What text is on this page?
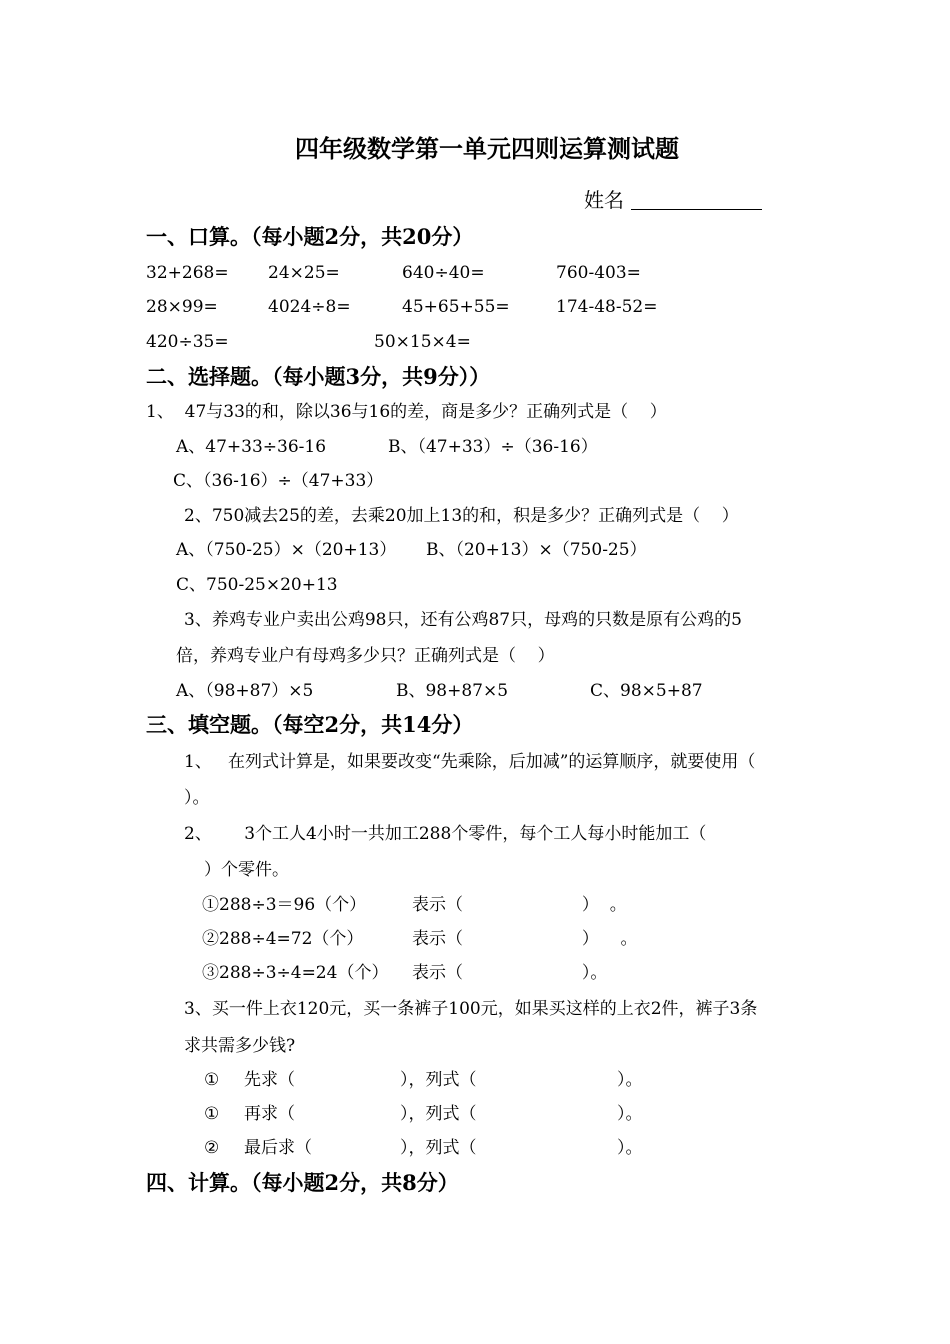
四年级数学第一单元四则运算测试题
姓名
一、口算。（每小题2分，共20分）
32+268= 24×25=	640÷40=	760-403=
28×99=	4024÷8=	45+65+55=	174-48-52=
420÷35=	50×15×4=
二、选择题。（每小题3分，共9分））
1、  47与33的和，除以36与16的差，商是多少？正确列式是（    ）
A、47+33÷36-16	B、（47+33）÷（36-16）
C、（36-16）÷（47+33）
2、750减去25的差，去乘20加上13的和，积是多少？正确列式是（    ）
A、（750-25）×（20+13） B、（20+13）×（750-25）
C、750-25×20+13
3、养鸡专业户卖出公鸡98只，还有公鸡87只，母鸡的只数是原有公鸡的5
倍，养鸡专业户有母鸡多少只？正确列式是（    ）
A、（98+87）×5	B、98+87×5	C、98×5+87
三、填空题。（每空2分，共14分）
1、   在列式计算是，如果要改变“先乘除，后加减”的运算顺序，就要使用（
）。
2、      3个工人4小时一共加工288个零件，每个工人每小时能加工（
）个零件。
①288÷3＝96（个）	表示（                      ）  。
②288÷4=72（个）	表示（                      ）    。
③288÷3÷4=24（个） 表示（                      ）。
3、买一件上衣120元，买一条裤子100元，如果买这样的上衣2件，裤子3条
求共需多少钱?
① 先求（	），列式（	）。
① 再求（	），列式（	）。
② 最后求（	），列式（	）。
四、计算。（每小题2分，共8分）
